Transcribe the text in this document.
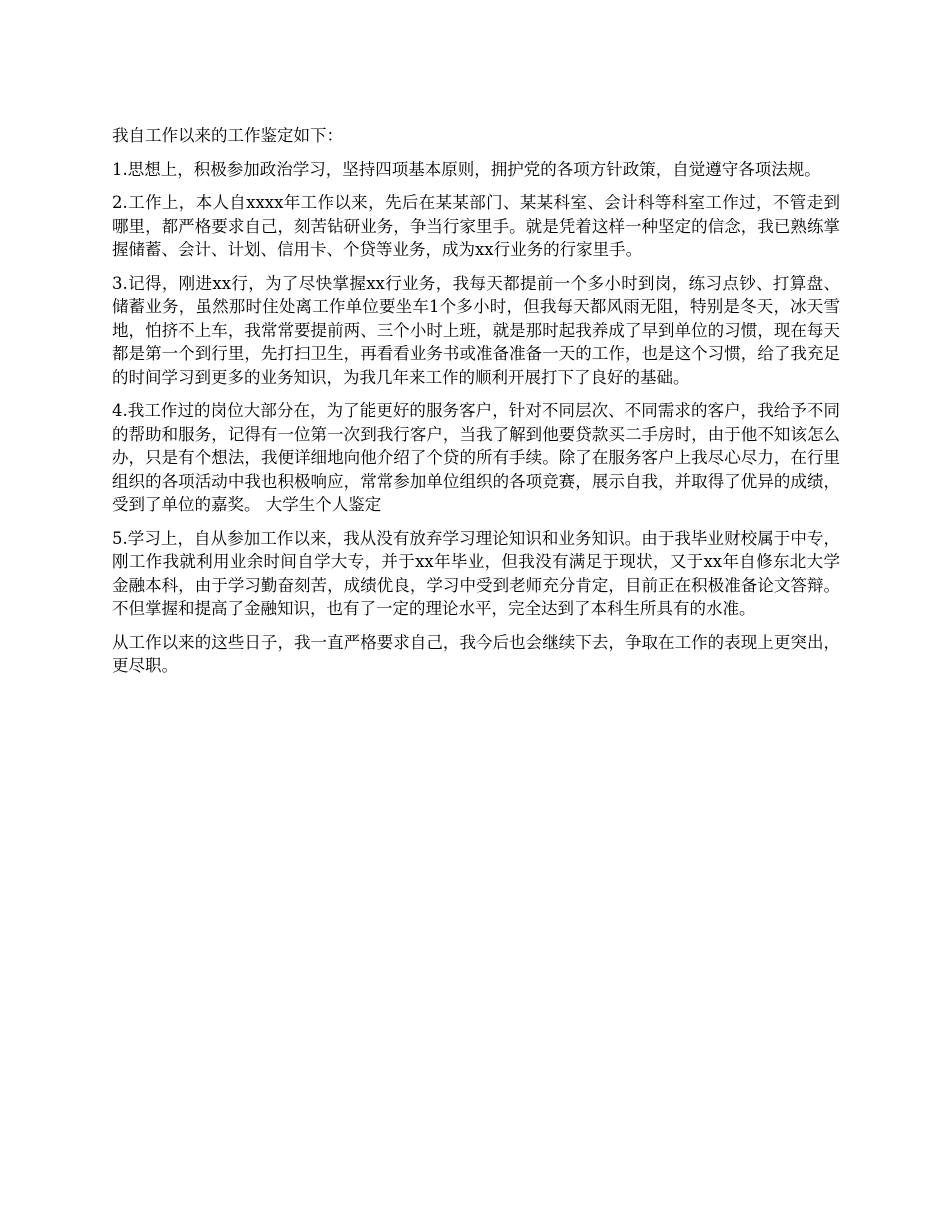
我自工作以来的工作鉴定如下：

1.思想上，积极参加政治学习，坚持四项基本原则，拥护党的各项方针政策，自觉遵守各项法规。

2.工作上，本人自xxxx年工作以来，先后在某某部门、某某科室、会计科等科室工作过，不管走到哪里，都严格要求自己，刻苦钻研业务，争当行家里手。就是凭着这样一种坚定的信念，我已熟练掌握储蓄、会计、计划、信用卡、个贷等业务，成为xx行业务的行家里手。

3.记得，刚进xx行，为了尽快掌握xx行业务，我每天都提前一个多小时到岗，练习点钞、打算盘、储蓄业务，虽然那时住处离工作单位要坐车1个多小时，但我每天都风雨无阻，特别是冬天，冰天雪地，怕挤不上车，我常常要提前两、三个小时上班，就是那时起我养成了早到单位的习惯，现在每天都是第一个到行里，先打扫卫生，再看看业务书或准备准备一天的工作，也是这个习惯，给了我充足的时间学习到更多的业务知识，为我几年来工作的顺利开展打下了良好的基础。

4.我工作过的岗位大部分在，为了能更好的服务客户，针对不同层次、不同需求的客户，我给予不同的帮助和服务，记得有一位第一次到我行客户，当我了解到他要贷款买二手房时，由于他不知该怎么办，只是有个想法，我便详细地向他介绍了个贷的所有手续。除了在服务客户上我尽心尽力，在行里组织的各项活动中我也积极响应，常常参加单位组织的各项竞赛，展示自我，并取得了优异的成绩，受到了单位的嘉奖。 大学生个人鉴定

5.学习上，自从参加工作以来，我从没有放弃学习理论知识和业务知识。由于我毕业财校属于中专，刚工作我就利用业余时间自学大专，并于xx年毕业，但我没有满足于现状，又于xx年自修东北大学金融本科，由于学习勤奋刻苦，成绩优良，学习中受到老师充分肯定，目前正在积极准备论文答辩。不但掌握和提高了金融知识，也有了一定的理论水平，完全达到了本科生所具有的水准。

从工作以来的这些日子，我一直严格要求自己，我今后也会继续下去，争取在工作的表现上更突出，更尽职。
